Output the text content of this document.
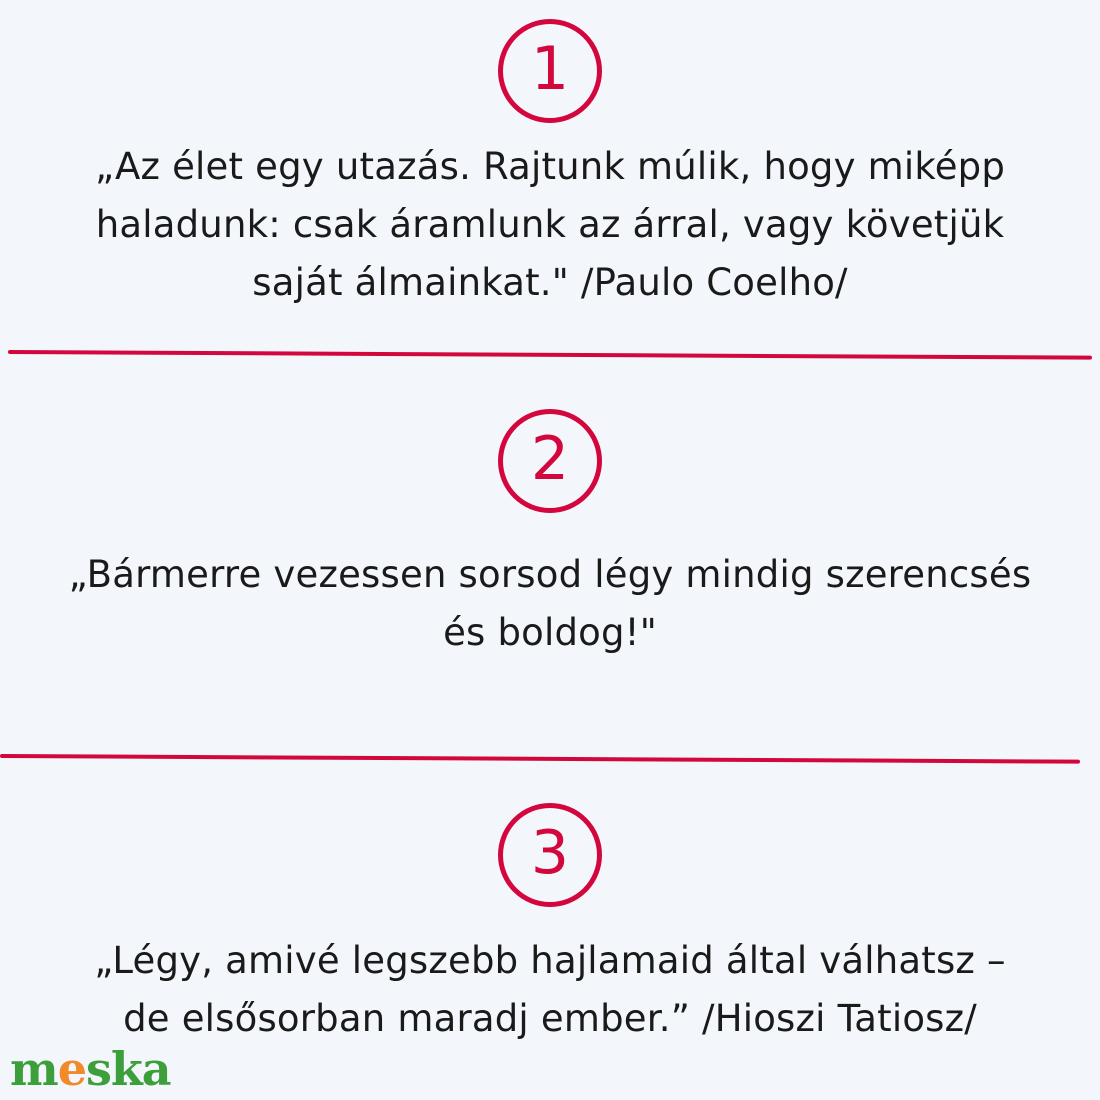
1
„Az élet egy utazás. Rajtunk múlik, hogy miképp
haladunk: csak áramlunk az árral, vagy követjük
saját álmainkat." /Paulo Coelho/
2
„Bármerre vezessen sorsod légy mindig szerencsés
és boldog!"
3
„Légy, amivé legszebb hajlamaid által válhatsz –
de elsősorban maradj ember.” /Hioszi Tatiosz/
meska
